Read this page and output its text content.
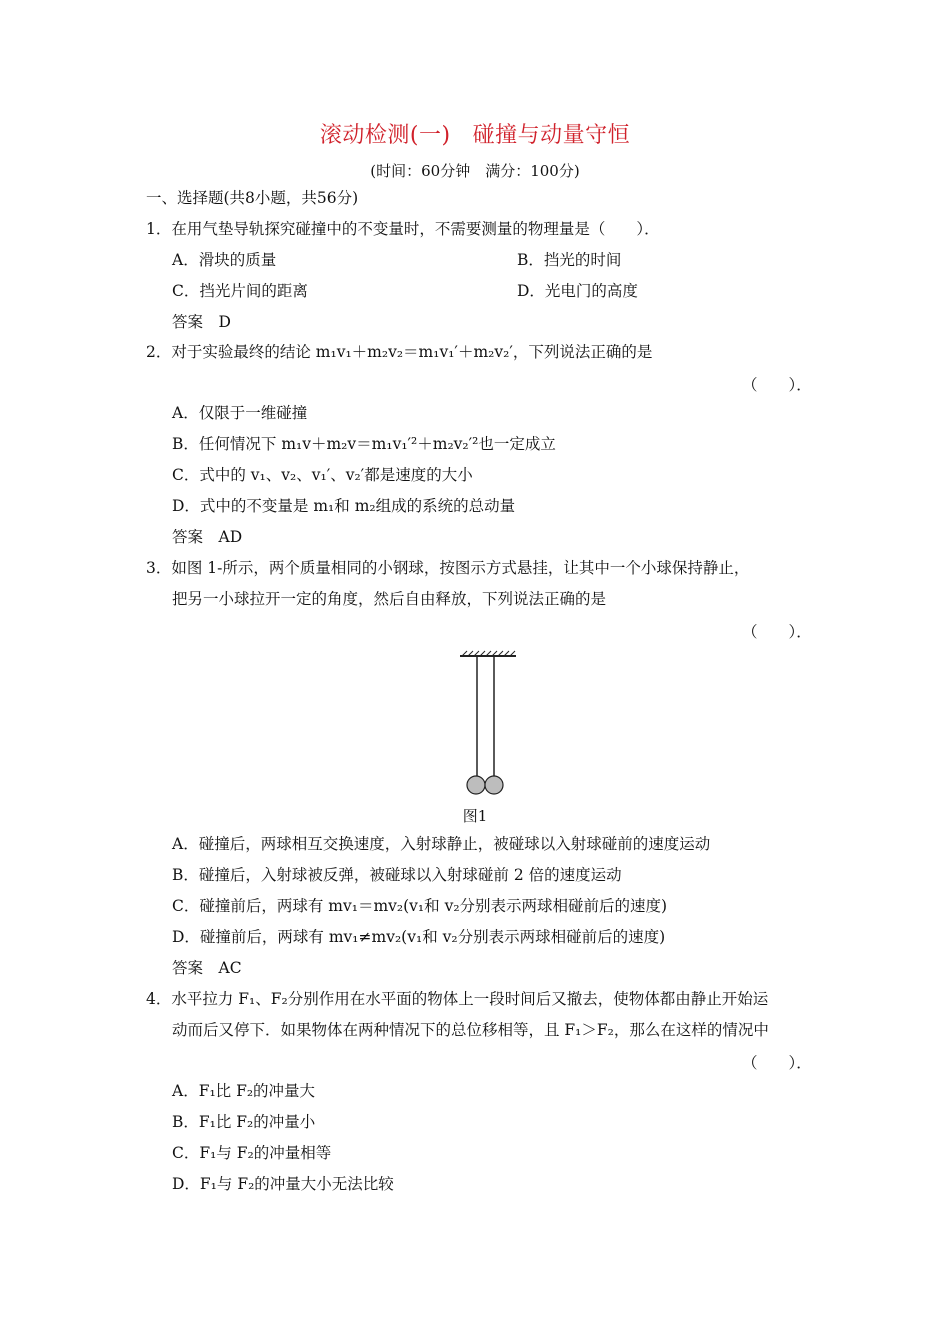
滚动检测(一) 碰撞与动量守恒
(时间：60分钟　满分：100分)
一、选择题(共8小题，共56分)
1．在用气垫导轨探究碰撞中的不变量时，不需要测量的物理量是（　　）．
A．滑块的质量	B．挡光的时间
C．挡光片间的距离	D．光电门的高度
答案　D
2．对于实验最终的结论 m₁v₁＋m₂v₂＝m₁v₁′＋m₂v₂′，下列说法正确的是
（　　）．
A．仅限于一维碰撞
B．任何情况下 m₁v＋m₂v＝m₁v₁′²＋m₂v₂′²也一定成立
C．式中的 v₁、v₂、v₁′、v₂′都是速度的大小
D．式中的不变量是 m₁和 m₂组成的系统的总动量
答案　AD
3．如图 1-所示，两个质量相同的小钢球，按图示方式悬挂，让其中一个小球保持静止，
把另一小球拉开一定的角度，然后自由释放，下列说法正确的是
（　　）．
图1
A．碰撞后，两球相互交换速度，入射球静止，被碰球以入射球碰前的速度运动
B．碰撞后，入射球被反弹，被碰球以入射球碰前 2 倍的速度运动
C．碰撞前后，两球有 mv₁＝mv₂(v₁和 v₂分别表示两球相碰前后的速度)
D．碰撞前后，两球有 mv₁≠mv₂(v₁和 v₂分别表示两球相碰前后的速度)
答案　AC
4．水平拉力 F₁、F₂分别作用在水平面的物体上一段时间后又撤去，使物体都由静止开始运
动而后又停下．如果物体在两种情况下的总位移相等，且 F₁＞F₂，那么在这样的情况中
（　　）．
A．F₁比 F₂的冲量大
B．F₁比 F₂的冲量小
C．F₁与 F₂的冲量相等
D．F₁与 F₂的冲量大小无法比较
